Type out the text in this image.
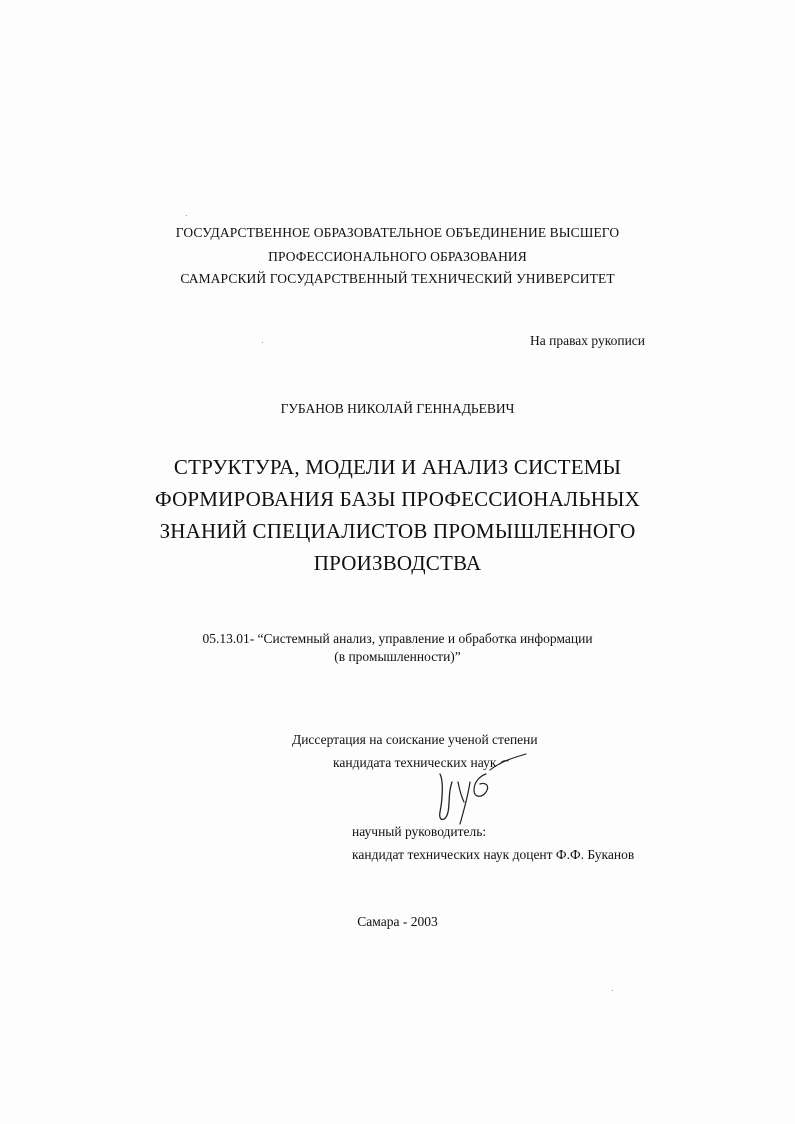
ГОСУДАРСТВЕННОЕ ОБРАЗОВАТЕЛЬНОЕ ОБЪЕДИНЕНИЕ ВЫСШЕГО
ПРОФЕССИОНАЛЬНОГО ОБРАЗОВАНИЯ
САМАРСКИЙ ГОСУДАРСТВЕННЫЙ ТЕХНИЧЕСКИЙ УНИВЕРСИТЕТ
На правах рукописи
ГУБАНОВ НИКОЛАЙ ГЕННАДЬЕВИЧ
СТРУКТУРА, МОДЕЛИ И АНАЛИЗ СИСТЕМЫ
ФОРМИРОВАНИЯ БАЗЫ ПРОФЕССИОНАЛЬНЫХ
ЗНАНИЙ СПЕЦИАЛИСТОВ ПРОМЫШЛЕННОГО
ПРОИЗВОДСТВА
05.13.01- “Системный анализ, управление и обработка информации
(в промышленности)”
Диссертация на соискание ученой степени
кандидата технических наук
научный руководитель:
кандидат технических наук доцент Ф.Ф. Буканов
Самара - 2003
